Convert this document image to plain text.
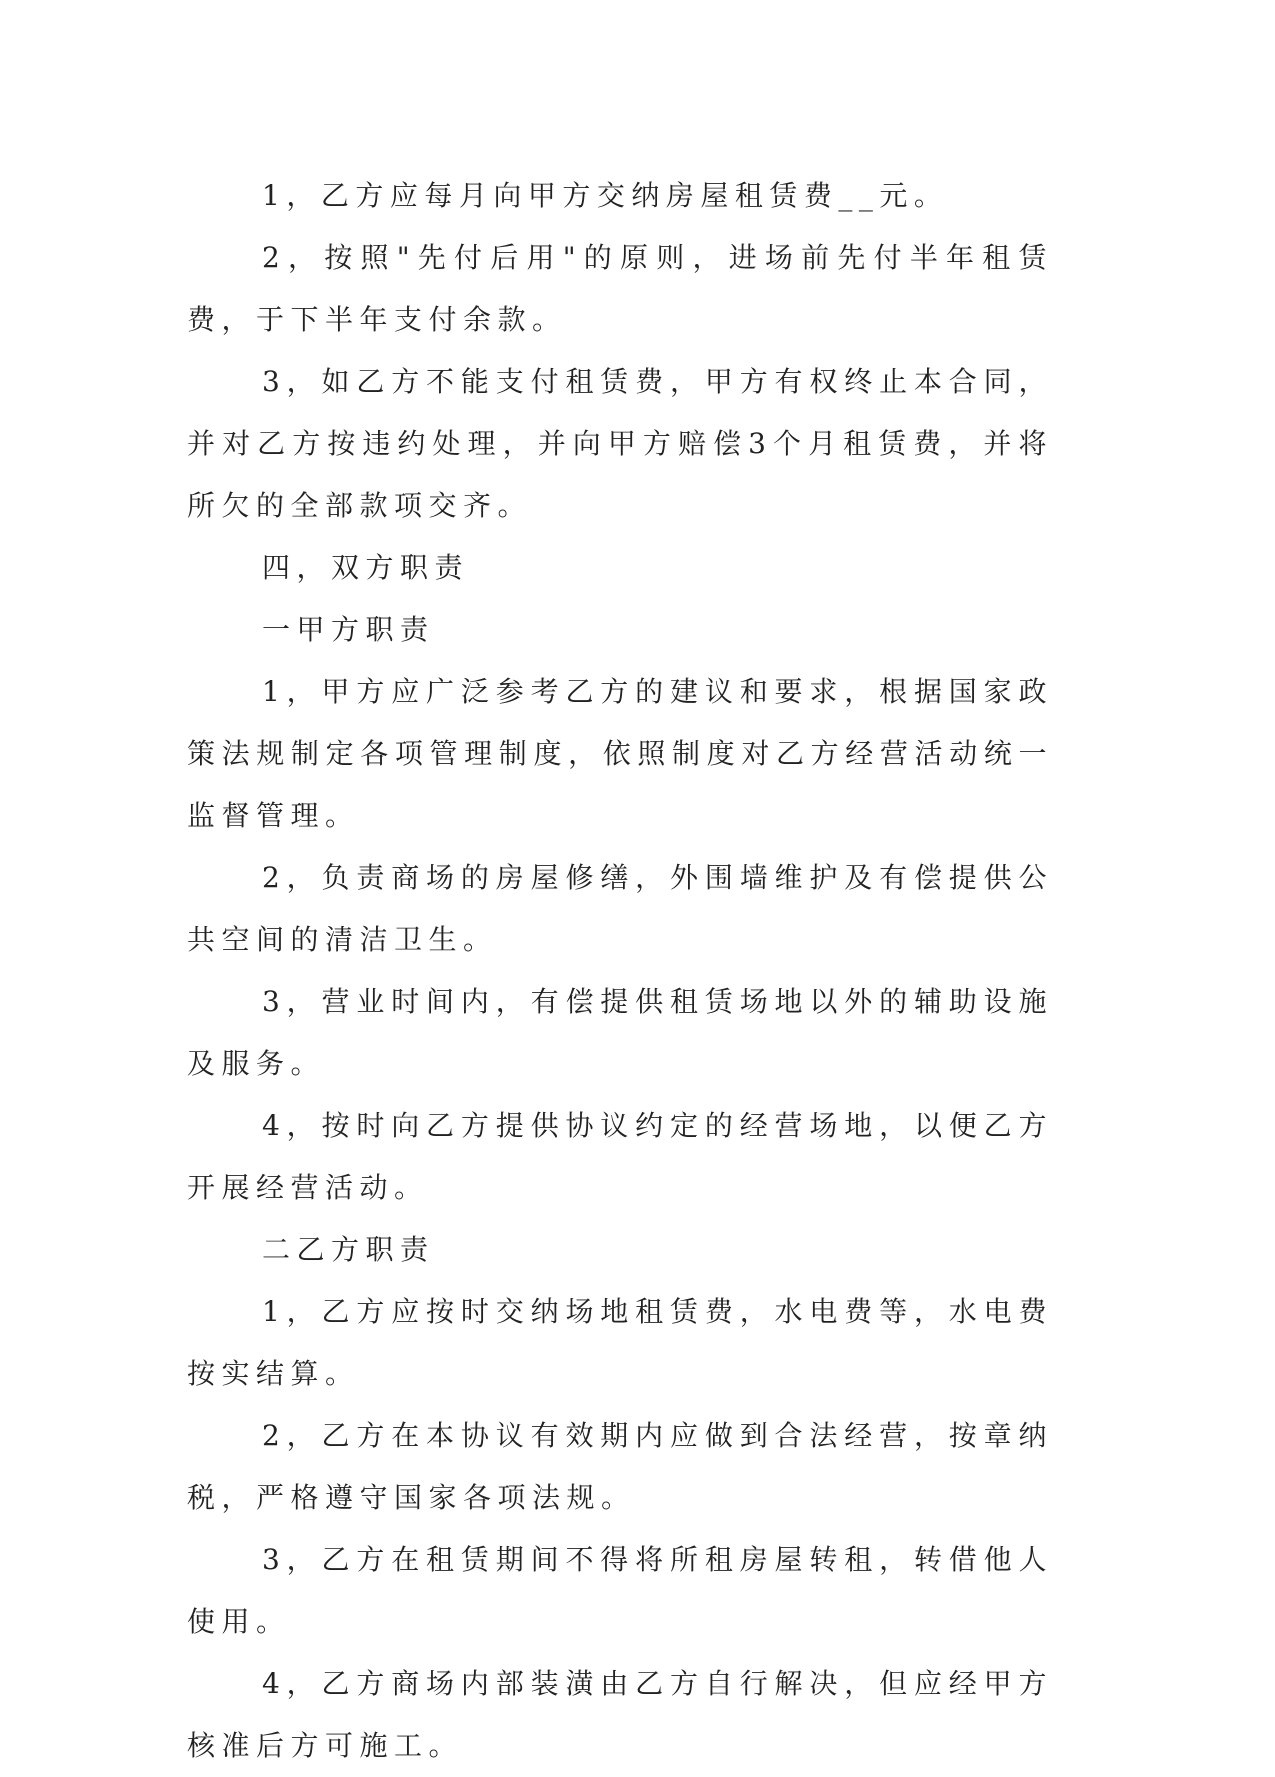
1，乙方应每月向甲方交纳房屋租赁费__元。

2，按照"先付后用"的原则，进场前先付半年租赁费，于下半年支付余款。

3，如乙方不能支付租赁费，甲方有权终止本合同，并对乙方按违约处理，并向甲方赔偿3个月租赁费，并将所欠的全部款项交齐。

四，双方职责

一甲方职责

1，甲方应广泛参考乙方的建议和要求，根据国家政策法规制定各项管理制度，依照制度对乙方经营活动统一监督管理。

2，负责商场的房屋修缮，外围墙维护及有偿提供公共空间的清洁卫生。

3，营业时间内，有偿提供租赁场地以外的辅助设施及服务。

4，按时向乙方提供协议约定的经营场地，以便乙方开展经营活动。

二乙方职责

1，乙方应按时交纳场地租赁费，水电费等，水电费按实结算。

2，乙方在本协议有效期内应做到合法经营，按章纳税，严格遵守国家各项法规。

3，乙方在租赁期间不得将所租房屋转租，转借他人使用。

4，乙方商场内部装潢由乙方自行解决，但应经甲方核准后方可施工。
